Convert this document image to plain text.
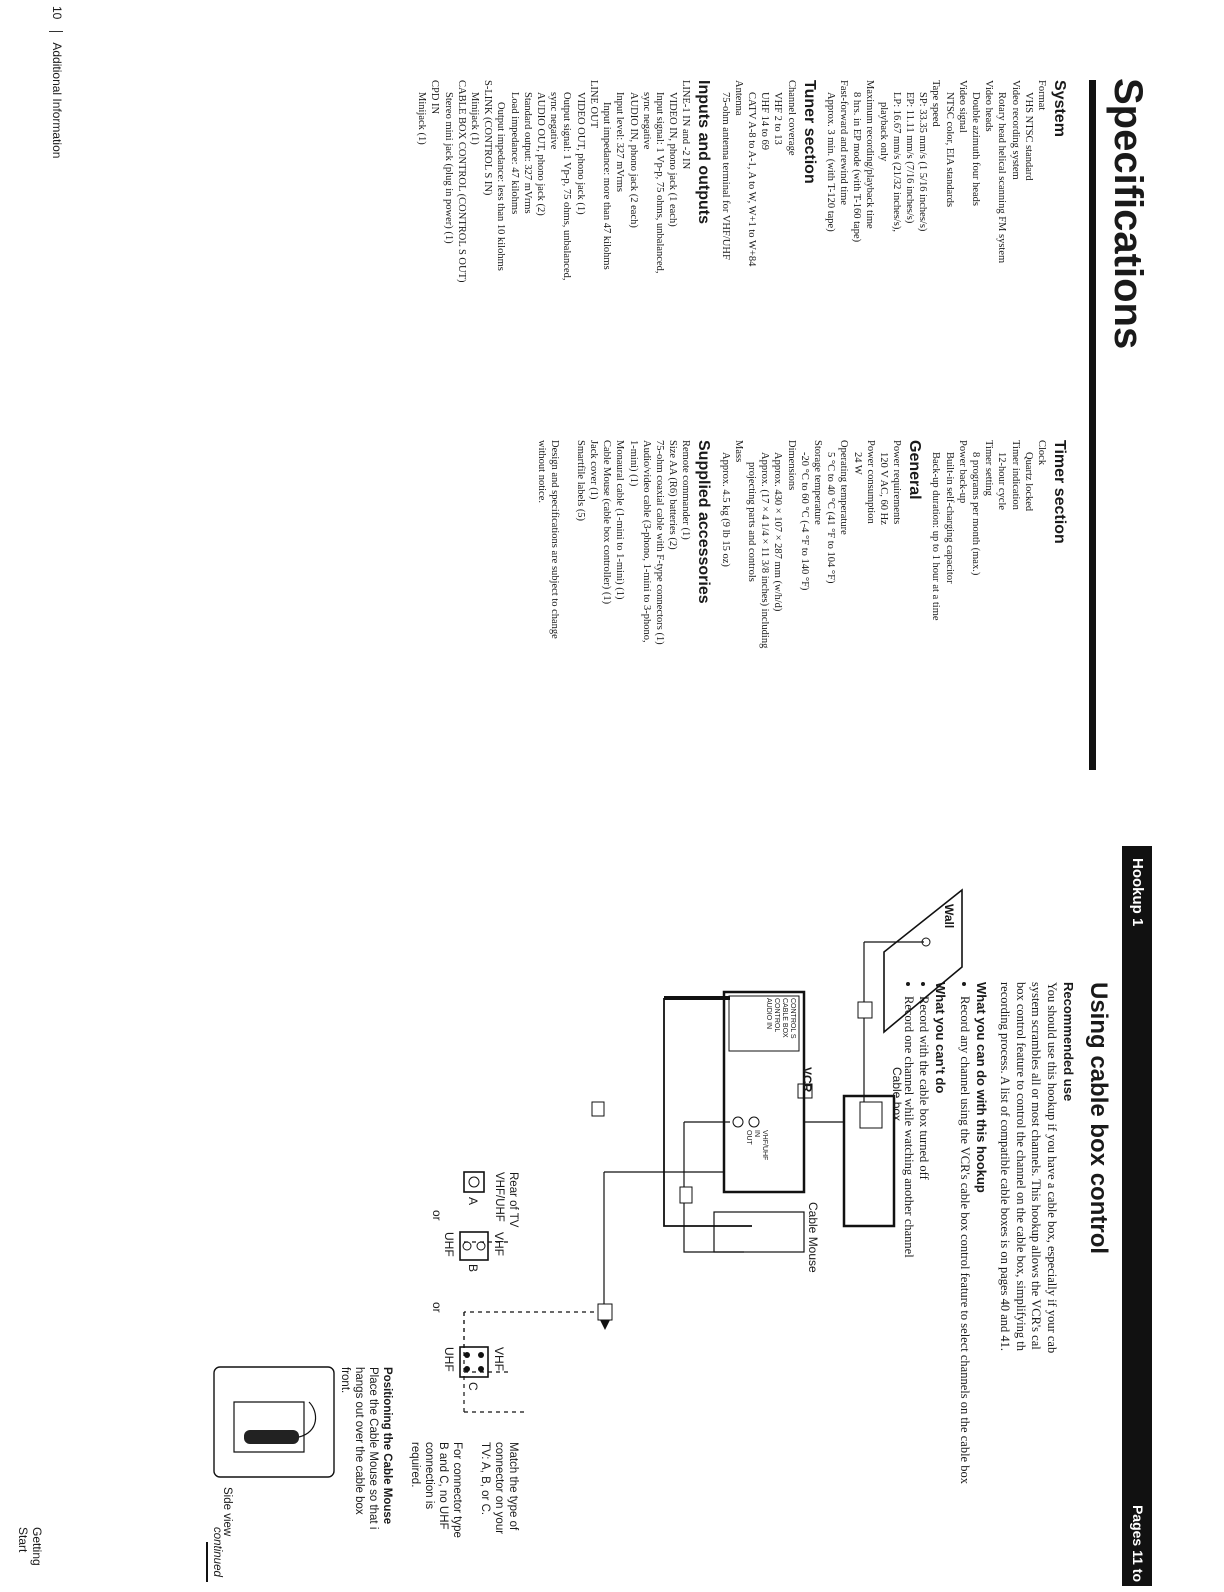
Specifications
System

Format

VHS NTSC standard

Video recording system

Rotary head helical scanning FM system

Video heads

Double azimuth four heads

Video signal

NTSC color, EIA standards

Tape speed

SP: 33.35 mm/s (1 5/16 inches/s)

EP: 11.11 mm/s (7/16 inches/s)

LP: 16.67 mm/s (21/32 inches/s),

playback only

Maximum recording/playback time

8 hrs. in EP mode (with T-160 tape)

Fast-forward and rewind time

Approx. 3 min. (with T-120 tape)

Tuner section

Channel coverage

VHF 2 to 13

UHF 14 to 69

CATV A-8 to A-1, A to W, W+1 to W+84

Antenna

75-ohm antenna terminal for VHF/UHF

Inputs and outputs

LINE-1 IN and -2 IN

VIDEO IN, phono jack (1 each)

Input signal: 1 Vp-p, 75 ohms, unbalanced,

sync negative

AUDIO IN, phono jack (2 each)

Input level: 327 mVrms

Input impedance: more than 47 kilohms

LINE OUT

VIDEO OUT, phono jack (1)

Output signal: 1 Vp-p, 75 ohms, unbalanced,

sync negative

AUDIO OUT, phono jack (2)

Standard output: 327 mVrms

Load impedance: 47 kilohms

Output impedance: less than 10 kilohms

S-LINK (CONTROL S IN)

Minijack (1)

CABLE BOX CONTROL (CONTROL S OUT)

Stereo mini jack (plug in power) (1)

CPD IN

Minijack (1)

Timer section

Clock

Quartz locked

Timer indication

12-hour cycle

Timer setting

8 programs per month (max.)

Power back-up

Built-in self-charging capacitor

Back-up duration: up to 1 hour at a time

General

Power requirements

120 V AC, 60 Hz

Power consumption

24 W

Operating temperature

5 °C to 40 °C (41 °F to 104 °F)

Storage temperature

-20 °C to 60 °C (-4 °F to 140 °F)

Dimensions

Approx. 430 × 107 × 287 mm (w/h/d)

Approx. (17 × 4 1/4 × 11 3/8 inches) including

projecting parts and controls

Mass

Approx. 4.5 kg (9 lb 15 oz)

Supplied accessories

Remote commander (1)

Size AA (R6) batteries (2)

75-ohm coaxial cable with F-type connectors (1)

Audio/video cable (3-phono, 1-mini to 3-phono,

1-mini) (1)

Monaural cable (1-mini to 1-mini) (1)

Cable Mouse (cable box controller) (1)

Jack cover (1)

Smartfile labels (5)

Design and specifications are subject to change

without notice.

10  Additional Information
Hookup 1
Pages 11 to
Using cable box control
Recommended use

You should use this hookup if you have a cable box, especially if your cab

system scrambles all or most channels. This hookup allows the VCR's cal

box control feature to control the channel on the cable box, simplifying th

recording process. A list of compatible cable boxes is on pages 40 and 41.

What you can do with this hookup
• Record any channel using the VCR's cable box control feature to select channels on the cable box
What you can't do
• Record with the cable box turned off
• Record one channel while watching another channel
Wall
VCR	Cable box
Cable Mouse
CONTROL S
CABLE BOX
CONTROL
AUDIO IN
VHF/UHF
IN
OUT
Rear of TV
VHF/UHF
A
B
C
VHF
UHF
VHF
UHF
or
or
Match the type of
connector on your
TV: A, B, or C.
For connector type
B and C, no UHF
connection is
required.
Positioning the Cable Mouse
Place the Cable Mouse so that i
hangs out over the cable box
front.
Side view
continued
Getting Start
